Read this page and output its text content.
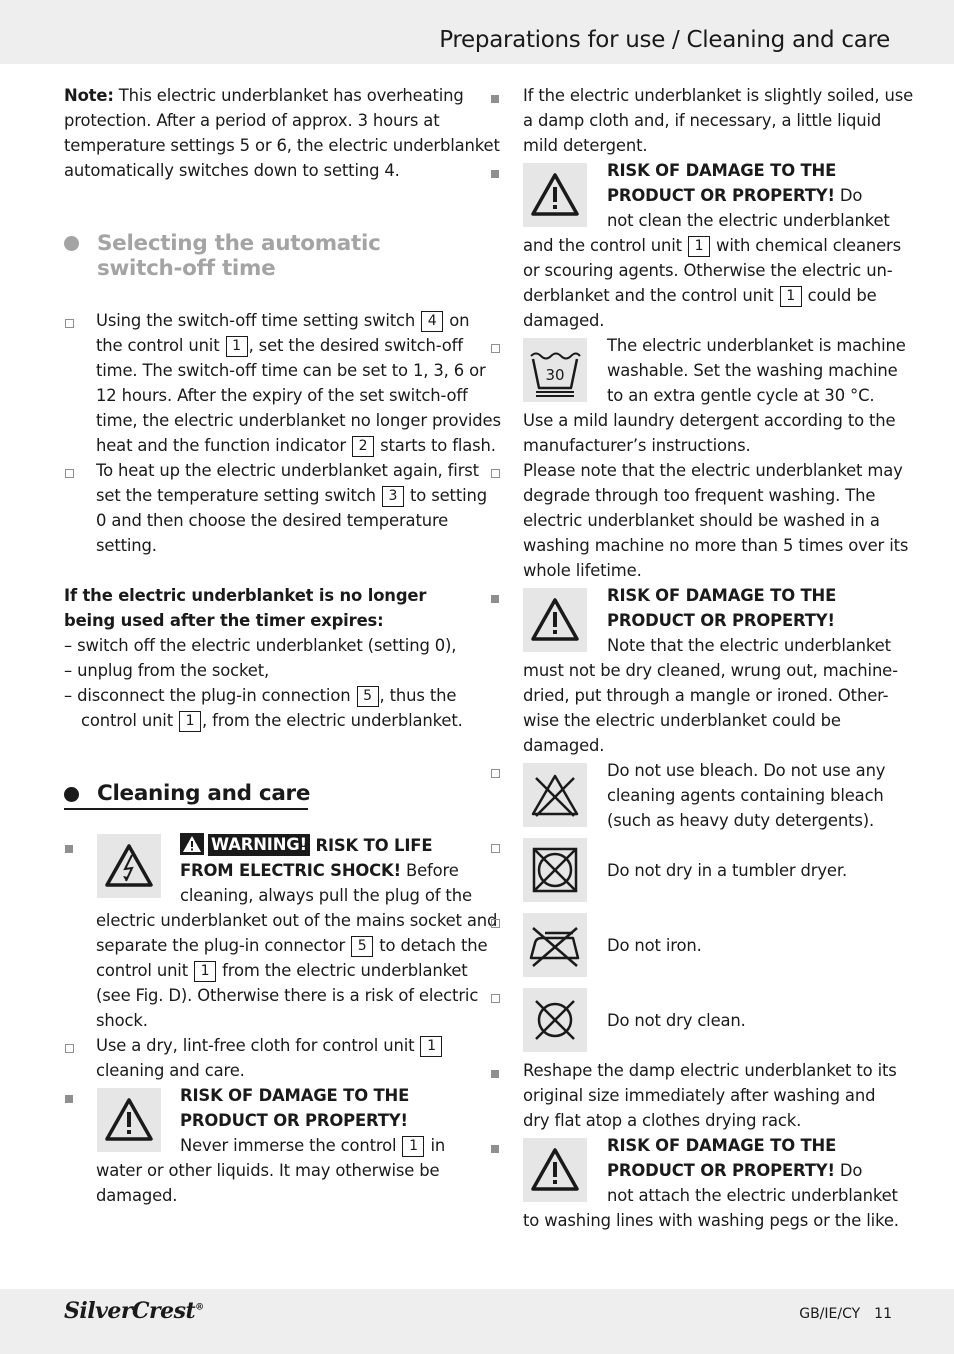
Preparations for use / Cleaning and care
SilverCrest®	GB/IE/CY 11
Note: This electric underblanket has overheating
protection. After a period of approx. 3 hours at
temperature settings 5 or 6, the electric underblanket
automatically switches down to setting 4.
Selecting the automatic
switch-off time
Using the switch-off time setting switch 4 on
the control unit 1 , set the desired switch-off
time. The switch-off time can be set to 1, 3, 6 or
12 hours. After the expiry of the set switch-off
time, the electric underblanket no longer provides
heat and the function indicator 2 starts to flash.
To heat up the electric underblanket again, first
set the temperature setting switch 3 to setting
0 and then choose the desired temperature
setting.
If the electric underblanket is no longer
being used after the timer expires:
– switch off the electric underblanket (setting 0),
– unplug from the socket,
– disconnect the plug-in connection 5 , thus the
control unit 1 , from the electric underblanket.
Cleaning and care
WARNING! RISK TO LIFE
FROM ELECTRIC SHOCK! Before
cleaning, always pull the plug of the
electric underblanket out of the mains socket and
separate the plug-in connector 5 to detach the
control unit 1 from the electric underblanket
(see Fig. D). Otherwise there is a risk of electric
shock.
Use a dry, lint-free cloth for control unit 1
cleaning and care.
RISK OF DAMAGE TO THE
PRODUCT OR PROPERTY!
Never immerse the control 1 in
water or other liquids. It may otherwise be
damaged.
If the electric underblanket is slightly soiled, use
a damp cloth and, if necessary, a little liquid
mild detergent.
RISK OF DAMAGE TO THE
PRODUCT OR PROPERTY! Do
not clean the electric underblanket
and the control unit 1 with chemical cleaners
or scouring agents. Otherwise the electric un-
derblanket and the control unit 1 could be
damaged.
30
The electric underblanket is machine
washable. Set the washing machine
to an extra gentle cycle at 30 °C.
Use a mild laundry detergent according to the
manufacturer’s instructions.
Please note that the electric underblanket may
degrade through too frequent washing. The
electric underblanket should be washed in a
washing machine no more than 5 times over its
whole lifetime.
RISK OF DAMAGE TO THE
PRODUCT OR PROPERTY!
Note that the electric underblanket
must not be dry cleaned, wrung out, machine-
dried, put through a mangle or ironed. Other-
wise the electric underblanket could be
damaged.
Do not use bleach. Do not use any
cleaning agents containing bleach
(such as heavy duty detergents).
Do not dry in a tumbler dryer.
Do not iron.
Do not dry clean.
Reshape the damp electric underblanket to its
original size immediately after washing and
dry flat atop a clothes drying rack.
RISK OF DAMAGE TO THE
PRODUCT OR PROPERTY! Do
not attach the electric underblanket
to washing lines with washing pegs or the like.
